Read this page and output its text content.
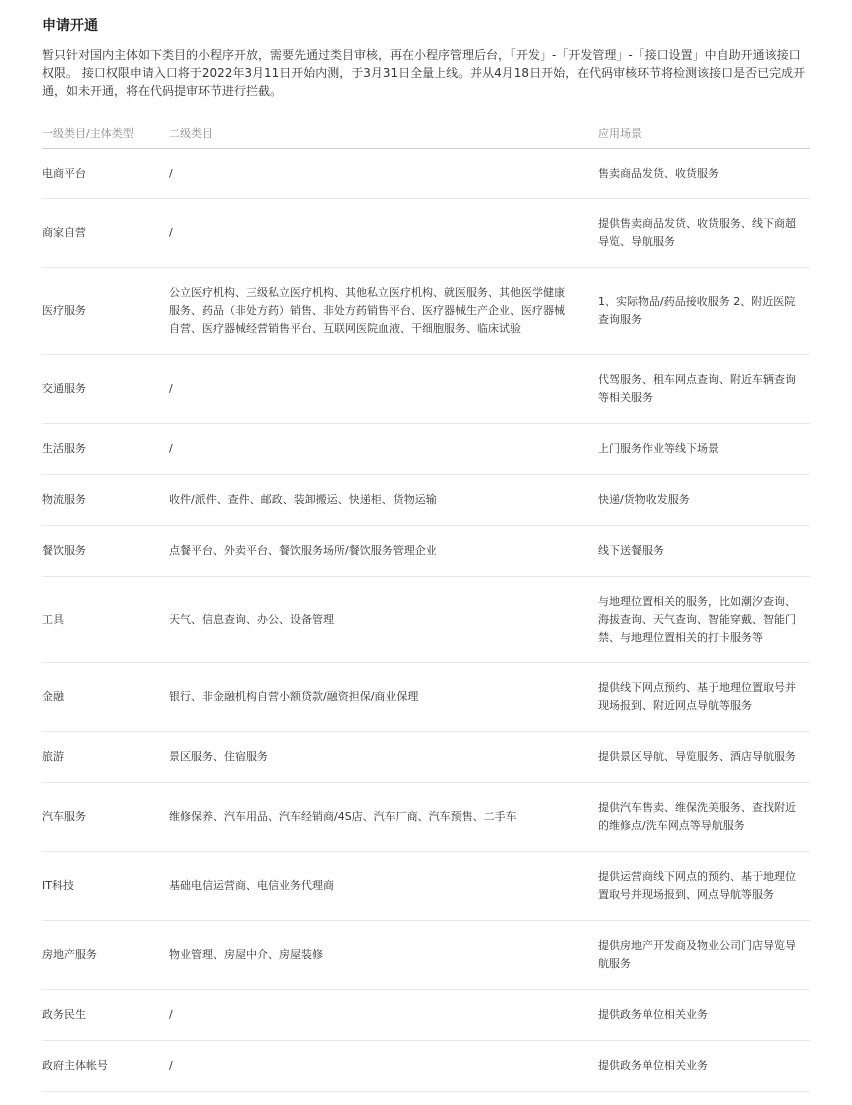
申请开通

暂只针对国内主体如下类目的小程序开放，需要先通过类目审核，再在小程序管理后台，「开发」-「开发管理」-「接口设置」中自助开通该接口权限。 接口权限申请入口将于2022年3月11日开始内测，于3月31日全量上线。并从4月18日开始，在代码审核环节将检测该接口是否已完成开通，如未开通，将在代码提审环节进行拦截。

一级类目/主体类型	二级类目	应用场景

电商平台	/	售卖商品发货、收货服务

商家自营	/	提供售卖商品发货、收货服务、线下商超导览、导航服务

医疗服务	公立医疗机构、三级私立医疗机构、其他私立医疗机构、就医服务、其他医学健康服务、药品（非处方药）销售、非处方药销售平台、医疗器械生产企业、医疗器械自营、医疗器械经营销售平台、互联网医院血液、干细胞服务、临床试验	1、实际物品/药品接收服务 2、附近医院查询服务

交通服务	/	代驾服务、租车网点查询、附近车辆查询等相关服务

生活服务	/	上门服务作业等线下场景

物流服务	收件/派件、查件、邮政、装卸搬运、快递柜、货物运输	快递/货物收发服务

餐饮服务	点餐平台、外卖平台、餐饮服务场所/餐饮服务管理企业	线下送餐服务

工具	天气、信息查询、办公、设备管理	与地理位置相关的服务，比如潮汐查询、海拔查询、天气查询、智能穿戴、智能门禁、与地理位置相关的打卡服务等

金融	银行、非金融机构自营小额贷款/融资担保/商业保理	提供线下网点预约、基于地理位置取号并现场报到、附近网点导航等服务

旅游	景区服务、住宿服务	提供景区导航、导览服务、酒店导航服务

汽车服务	维修保养、汽车用品、汽车经销商/4S店、汽车厂商、汽车预售、二手车	提供汽车售卖、维保洗美服务、查找附近的维修点/洗车网点等导航服务

IT科技	基础电信运营商、电信业务代理商	提供运营商线下网点的预约、基于地理位置取号并现场报到、网点导航等服务

房地产服务	物业管理、房屋中介、房屋装修	提供房地产开发商及物业公司门店导览导航服务

政务民生	/	提供政务单位相关业务

政府主体帐号	/	提供政务单位相关业务
